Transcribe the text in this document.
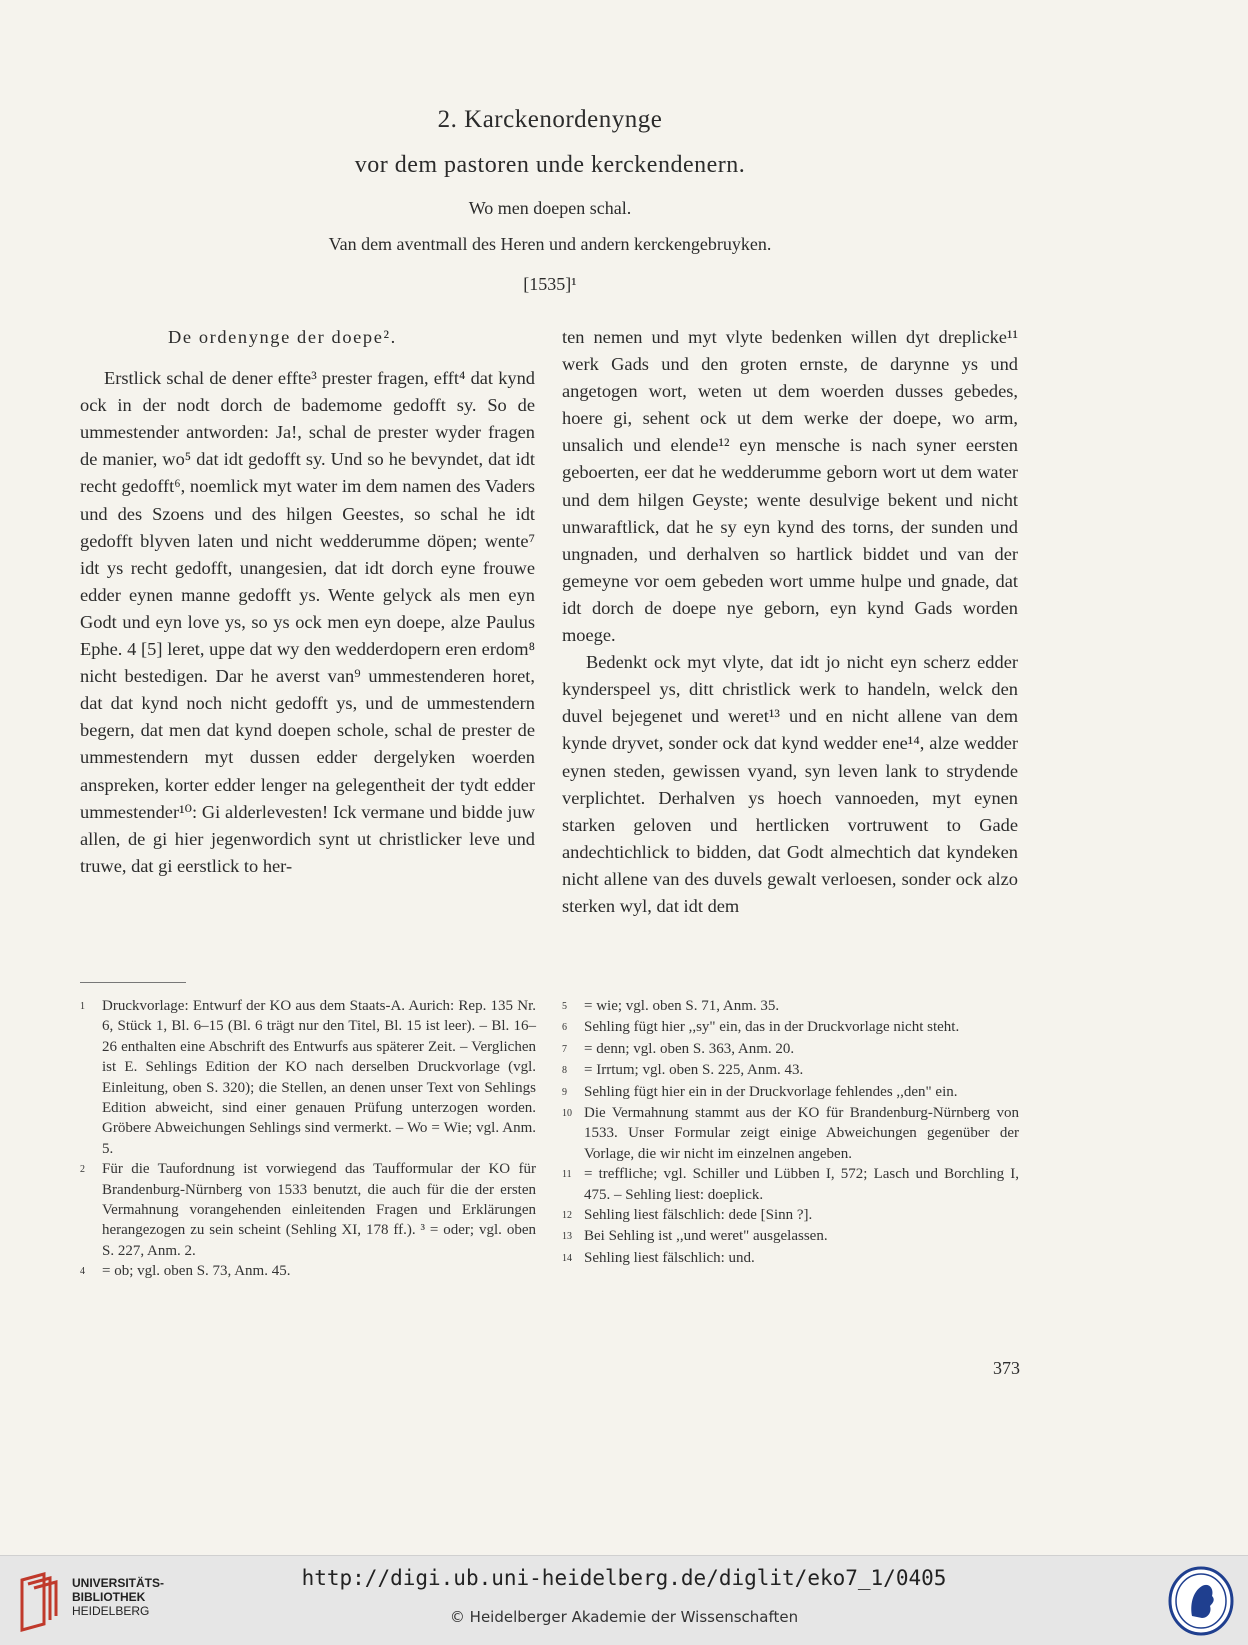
2. Karckenordenynge
vor dem pastoren unde kerckendenern.
Wo men doepen schal.
Van dem aventmall des Heren und andern kerckengebruyken.
[1535]¹

De ordenynge der doepe².

Erstlick schal de dener effte³ prester fragen, efft⁴ dat kynd ock in der nodt dorch de bademome gedofft sy. So de ummestender antworden: Ja!, schal de prester wyder fragen de manier, wo⁵ dat idt gedofft sy. Und so he bevyndet, dat idt recht gedofft⁶, noemlick myt water im dem namen des Vaders und des Szoens und des hilgen Geestes, so schal he idt gedofft blyven laten und nicht wedderumme döpen; wente⁷ idt ys recht gedofft, unangesien, dat idt dorch eyne frouwe edder eynen manne gedofft ys. Wente gelyck als men eyn Godt und eyn love ys, so ys ock men eyn doepe, alze Paulus Ephe. 4 [5] leret, uppe dat wy den wedderdopern eren erdom⁸ nicht bestedigen. Dar he averst van⁹ ummestenderen horet, dat dat kynd noch nicht gedofft ys, und de ummestendern begern, dat men dat kynd doepen schole, schal de prester de ummestendern myt dussen edder dergelyken woerden anspreken, korter edder lenger na gelegentheit der tydt edder ummestender¹⁰: Gi alderlevesten! Ick vermane und bidde juw allen, de gi hier jegenwordich synt ut christlicker leve und truwe, dat gi eerstlick to her-

ten nemen und myt vlyte bedenken willen dyt dreplicke¹¹ werk Gads und den groten ernste, de darynne ys und angetogen wort, weten ut dem woerden dusses gebedes, hoere gi, sehent ock ut dem werke der doepe, wo arm, unsalich und elende¹² eyn mensche is nach syner eersten geboerten, eer dat he wedderumme geborn wort ut dem water und dem hilgen Geyste; wente desulvige bekent und nicht unwaraftlick, dat he sy eyn kynd des torns, der sunden und ungnaden, und derhalven so hartlick biddet und van der gemeyne vor oem gebeden wort umme hulpe und gnade, dat idt dorch de doepe nye geborn, eyn kynd Gads worden moege.

Bedenkt ock myt vlyte, dat idt jo nicht eyn scherz edder kynderspeel ys, ditt christlick werk to handeln, welck den duvel bejegenet und weret¹³ und en nicht allene van dem kynde dryvet, sonder ock dat kynd wedder ene¹⁴, alze wedder eynen steden, gewissen vyand, syn leven lank to strydende verplichtet. Derhalven ys hoech vannoeden, myt eynen starken geloven und hertlicken vortruwent to Gade andechtichlick to bidden, dat Godt almechtich dat kyndeken nicht allene van des duvels gewalt verloesen, sonder ock alzo sterken wyl, dat idt dem

1	Druckvorlage: Entwurf der KO aus dem Staats-A. Aurich: Rep. 135 Nr. 6, Stück 1, Bl. 6–15 (Bl. 6 trägt nur den Titel, Bl. 15 ist leer). – Bl. 16–26 enthalten eine Abschrift des Entwurfs aus späterer Zeit. – Verglichen ist E. Sehlings Edition der KO nach derselben Druckvorlage (vgl. Einleitung, oben S. 320); die Stellen, an denen unser Text von Sehlings Edition abweicht, sind einer genauen Prüfung unterzogen worden. Gröbere Abweichungen Sehlings sind vermerkt. – Wo = Wie; vgl. Anm. 5.
2	Für die Taufordnung ist vorwiegend das Taufformular der KO für Brandenburg-Nürnberg von 1533 benutzt, die auch für die der ersten Vermahnung vorangehenden einleitenden Fragen und Erklärungen herangezogen zu sein scheint (Sehling XI, 178 ff.). ³ = oder; vgl. oben S. 227, Anm. 2.
4	= ob; vgl. oben S. 73, Anm. 45.
5	= wie; vgl. oben S. 71, Anm. 35.
6	Sehling fügt hier ,,sy" ein, das in der Druckvorlage nicht steht.
7	= denn; vgl. oben S. 363, Anm. 20.
8	= Irrtum; vgl. oben S. 225, Anm. 43.
9	Sehling fügt hier ein in der Druckvorlage fehlendes ,,den" ein.
10 Die Vermahnung stammt aus der KO für Brandenburg-Nürnberg von 1533. Unser Formular zeigt einige Abweichungen gegenüber der Vorlage, die wir nicht im einzelnen angeben.
11 = treffliche; vgl. Schiller und Lübben I, 572; Lasch und Borchling I, 475. – Sehling liest: doeplick.
12 Sehling liest fälschlich: dede [Sinn ?].
13 Bei Sehling ist ,,und weret" ausgelassen.
14 Sehling liest fälschlich: und.
373
UNIVERSITÄTS-
BIBLIOTHEK
HEIDELBERG
http://digi.ub.uni-heidelberg.de/diglit/eko7_1/0405
© Heidelberger Akademie der Wissenschaften
